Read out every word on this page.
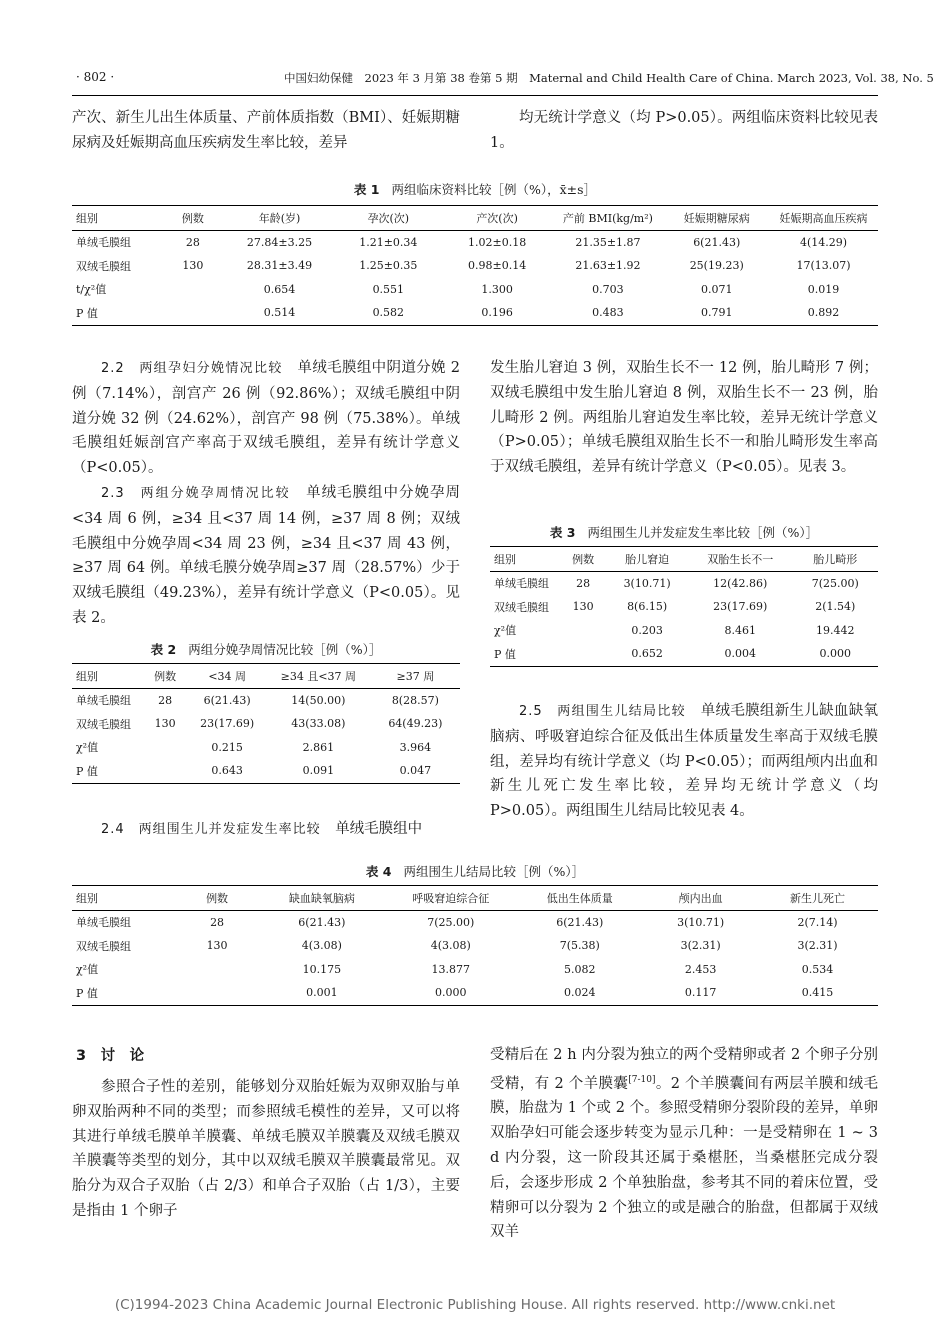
· 802 ·	中国妇幼保健　2023 年 3 月第 38 卷第 5 期　Maternal and Child Health Care of China. March 2023, Vol. 38, No. 5

产次、新生儿出生体质量、产前体质指数（BMI）、妊娠期糖尿病及妊娠期高血压疾病发生率比较，差异

均无统计学意义（均 P>0.05）。两组临床资料比较见表 1。

表 1 两组临床资料比较［例（%），x̄±s］
组别	例数	年龄(岁)	孕次(次)	产次(次)	产前 BMI(kg/m²)	妊娠期糖尿病	妊娠期高血压疾病
单绒毛膜组	28	27.84±3.25	1.21±0.34	1.02±0.18	21.35±1.87	6(21.43)	4(14.29)
双绒毛膜组	130	28.31±3.49	1.25±0.35	0.98±0.14	21.63±1.92	25(19.23)	17(13.07)
t/χ²值		0.654	0.551	1.300	0.703	0.071	0.019
P 值		0.514	0.582	0.196	0.483	0.791	0.892

2.2　两组孕妇分娩情况比较　 单绒毛膜组中阴道分娩 2 例（7.14%），剖宫产 26 例（92.86%）；双绒毛膜组中阴道分娩 32 例（24.62%），剖宫产 98 例（75.38%）。单绒毛膜组妊娠剖宫产率高于双绒毛膜组，差异有统计学意义（P<0.05）。

2.3　两组分娩孕周情况比较　 单绒毛膜组中分娩孕周<34 周 6 例，≥34 且<37 周 14 例，≥37 周 8 例；双绒毛膜组中分娩孕周<34 周 23 例，≥34 且<37 周 43 例，≥37 周 64 例。单绒毛膜分娩孕周≥37 周（28.57%）少于双绒毛膜组（49.23%），差异有统计学意义（P<0.05）。见表 2。

表 2 两组分娩孕周情况比较［例（%）］
组别	例数	<34 周	≥34 且<37 周	≥37 周
单绒毛膜组	28	6(21.43)	14(50.00)	8(28.57)
双绒毛膜组	130	23(17.69)	43(33.08)	64(49.23)
χ²值		0.215	2.861	3.964
P 值		0.643	0.091	0.047

2.4　两组围生儿并发症发生率比较　 单绒毛膜组中

发生胎儿窘迫 3 例，双胎生长不一 12 例，胎儿畸形 7 例；双绒毛膜组中发生胎儿窘迫 8 例，双胎生长不一 23 例，胎儿畸形 2 例。两组胎儿窘迫发生率比较，差异无统计学意义（P>0.05）；单绒毛膜组双胎生长不一和胎儿畸形发生率高于双绒毛膜组，差异有统计学意义（P<0.05）。见表 3。

表 3 两组围生儿并发症发生率比较［例（%）］
组别	例数	胎儿窘迫	双胎生长不一	胎儿畸形
单绒毛膜组	28	3(10.71)	12(42.86)	7(25.00)
双绒毛膜组	130	8(6.15)	23(17.69)	2(1.54)
χ²值		0.203	8.461	19.442
P 值		0.652	0.004	0.000

2.5　两组围生儿结局比较　 单绒毛膜组新生儿缺血缺氧脑病、呼吸窘迫综合征及低出生体质量发生率高于双绒毛膜组，差异均有统计学意义（均 P<0.05）；而两组颅内出血和新生儿死亡发生率比较，差异均无统计学意义（均 P>0.05）。两组围生儿结局比较见表 4。

表 4 两组围生儿结局比较［例（%）］
组别	例数	缺血缺氧脑病	呼吸窘迫综合征	低出生体质量	颅内出血	新生儿死亡
单绒毛膜组	28	6(21.43)	7(25.00)	6(21.43)	3(10.71)	2(7.14)
双绒毛膜组	130	4(3.08)	4(3.08)	7(5.38)	3(2.31)	3(2.31)
χ²值		10.175	13.877	5.082	2.453	0.534
P 值		0.001	0.000	0.024	0.117	0.415
3　讨　论

参照合子性的差别，能够划分双胎妊娠为双卵双胎与单卵双胎两种不同的类型；而参照绒毛模性的差异，又可以将其进行单绒毛膜单羊膜囊、单绒毛膜双羊膜囊及双绒毛膜双羊膜囊等类型的划分，其中以双绒毛膜双羊膜囊最常见。双胎分为双合子双胎（占 2/3）和单合子双胎（占 1/3），主要是指由 1 个卵子

受精后在 2 h 内分裂为独立的两个受精卵或者 2 个卵子分别受精，有 2 个羊膜囊[7-10]。2 个羊膜囊间有两层羊膜和绒毛膜，胎盘为 1 个或 2 个。参照受精卵分裂阶段的差异，单卵双胎孕妇可能会逐步转变为显示几种：一是受精卵在 1 ~ 3 d 内分裂，这一阶段其还属于桑椹胚，当桑椹胚完成分裂后，会逐步形成 2 个单独胎盘，参考其不同的着床位置，受精卵可以分裂为 2 个独立的或是融合的胎盘，但都属于双绒双羊

(C)1994-2023 China Academic Journal Electronic Publishing House. All rights reserved. http://www.cnki.net
